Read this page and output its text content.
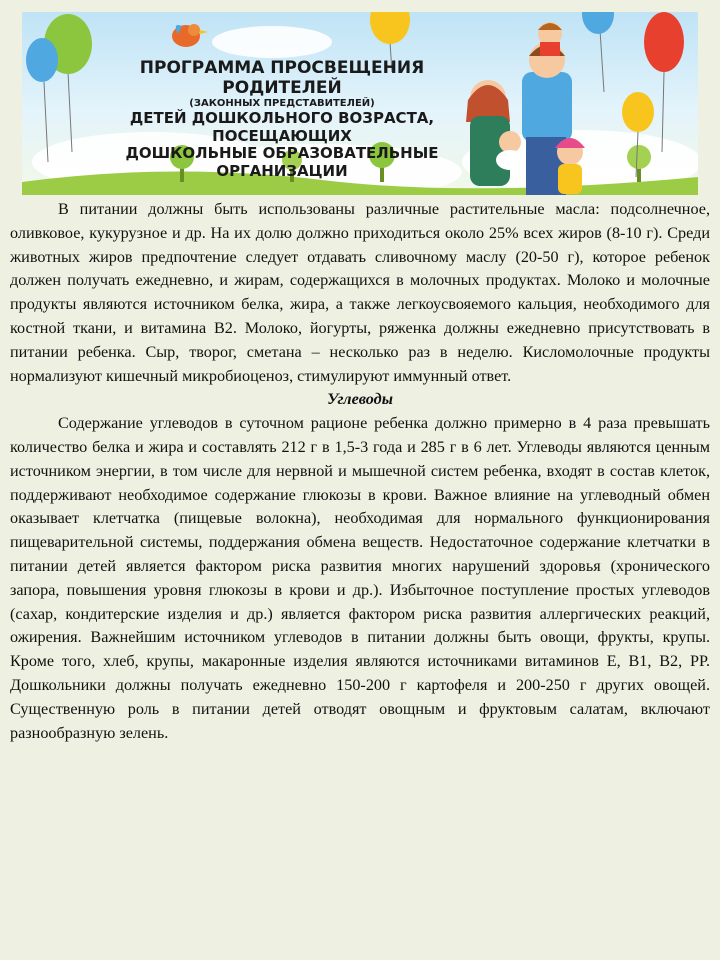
ПРОГРАММА ПРОСВЕЩЕНИЯ РОДИТЕЛЕЙ
(ЗАКОННЫХ ПРЕДСТАВИТЕЛЕЙ)
ДЕТЕЙ ДОШКОЛЬНОГО ВОЗРАСТА, ПОСЕЩАЮЩИХ
ДОШКОЛЬНЫЕ ОБРАЗОВАТЕЛЬНЫЕ ОРГАНИЗАЦИИ

В питании должны быть использованы различные растительные масла: подсолнечное, оливковое, кукурузное и др. На их долю должно приходиться около 25% всех жиров (8-10 г). Среди животных жиров предпочтение следует отдавать сливочному маслу (20-50 г), которое ребенок должен получать ежедневно, и жирам, содержащихся в молочных продуктах. Молоко и молочные продукты являются источником белка, жира, а также легкоусвояемого кальция, необходимого для костной ткани, и витамина В2. Молоко, йогурты, ряженка должны ежедневно присутствовать в питании ребенка. Сыр, творог, сметана – несколько раз в неделю. Кисломолочные продукты нормализуют кишечный микробиоценоз, стимулируют иммунный ответ.

Углеводы

Содержание углеводов в суточном рационе ребенка должно примерно в 4 раза превышать количество белка и жира и составлять 212 г в 1,5-3 года и 285 г в 6 лет. Углеводы являются ценным источником энергии, в том числе для нервной и мышечной систем ребенка, входят в состав клеток, поддерживают необходимое содержание глюкозы в крови. Важное влияние на углеводный обмен оказывает клетчатка (пищевые волокна), необходимая для нормального функционирования пищеварительной системы, поддержания обмена веществ. Недостаточное содержание клетчатки в питании детей является фактором риска развития многих нарушений здоровья (хронического запора, повышения уровня глюкозы в крови и др.). Избыточное поступление простых углеводов (сахар, кондитерские изделия и др.) является фактором риска развития аллергических реакций, ожирения. Важнейшим источником углеводов в питании должны быть овощи, фрукты, крупы. Кроме того, хлеб, крупы, макаронные изделия являются источниками витаминов Е, В1, В2, РР. Дошкольники должны получать ежедневно 150-200 г картофеля и 200-250 г других овощей. Существенную роль в питании детей отводят овощным и фруктовым салатам, включают разнообразную зелень.
